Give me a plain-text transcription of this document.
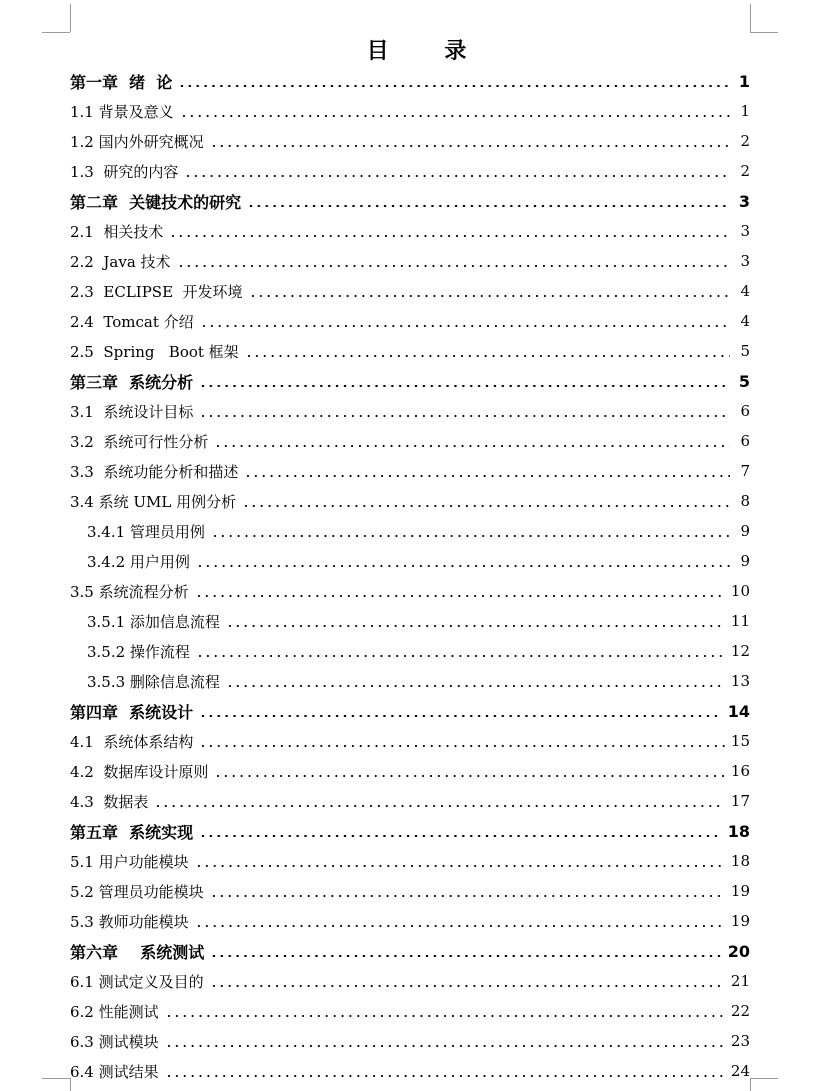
目 录
第一章  绪  论	1
1.1 背景及意义	1
1.2 国内外研究概况	2
1.3  研究的内容	2
第二章  关键技术的研究	3
2.1  相关技术	3
2.2  Java 技术	3
2.3  ECLIPSE  开发环境	4
2.4  Tomcat 介绍	4
2.5  Spring   Boot 框架	5
第三章  系统分析	5
3.1  系统设计目标	6
3.2  系统可行性分析	6
3.3  系统功能分析和描述	7
3.4 系统 UML 用例分析	8
3.4.1 管理员用例	9
3.4.2 用户用例	9
3.5 系统流程分析	10
3.5.1 添加信息流程	11
3.5.2 操作流程	12
3.5.3 删除信息流程	13
第四章  系统设计	14
4.1  系统体系结构	15
4.2  数据库设计原则	16
4.3  数据表	17
第五章  系统实现	18
5.1 用户功能模块	18
5.2 管理员功能模块	19
5.3 教师功能模块	19
第六章    系统测试	20
6.1 测试定义及目的	21
6.2 性能测试	22
6.3 测试模块	23
6.4 测试结果	24
